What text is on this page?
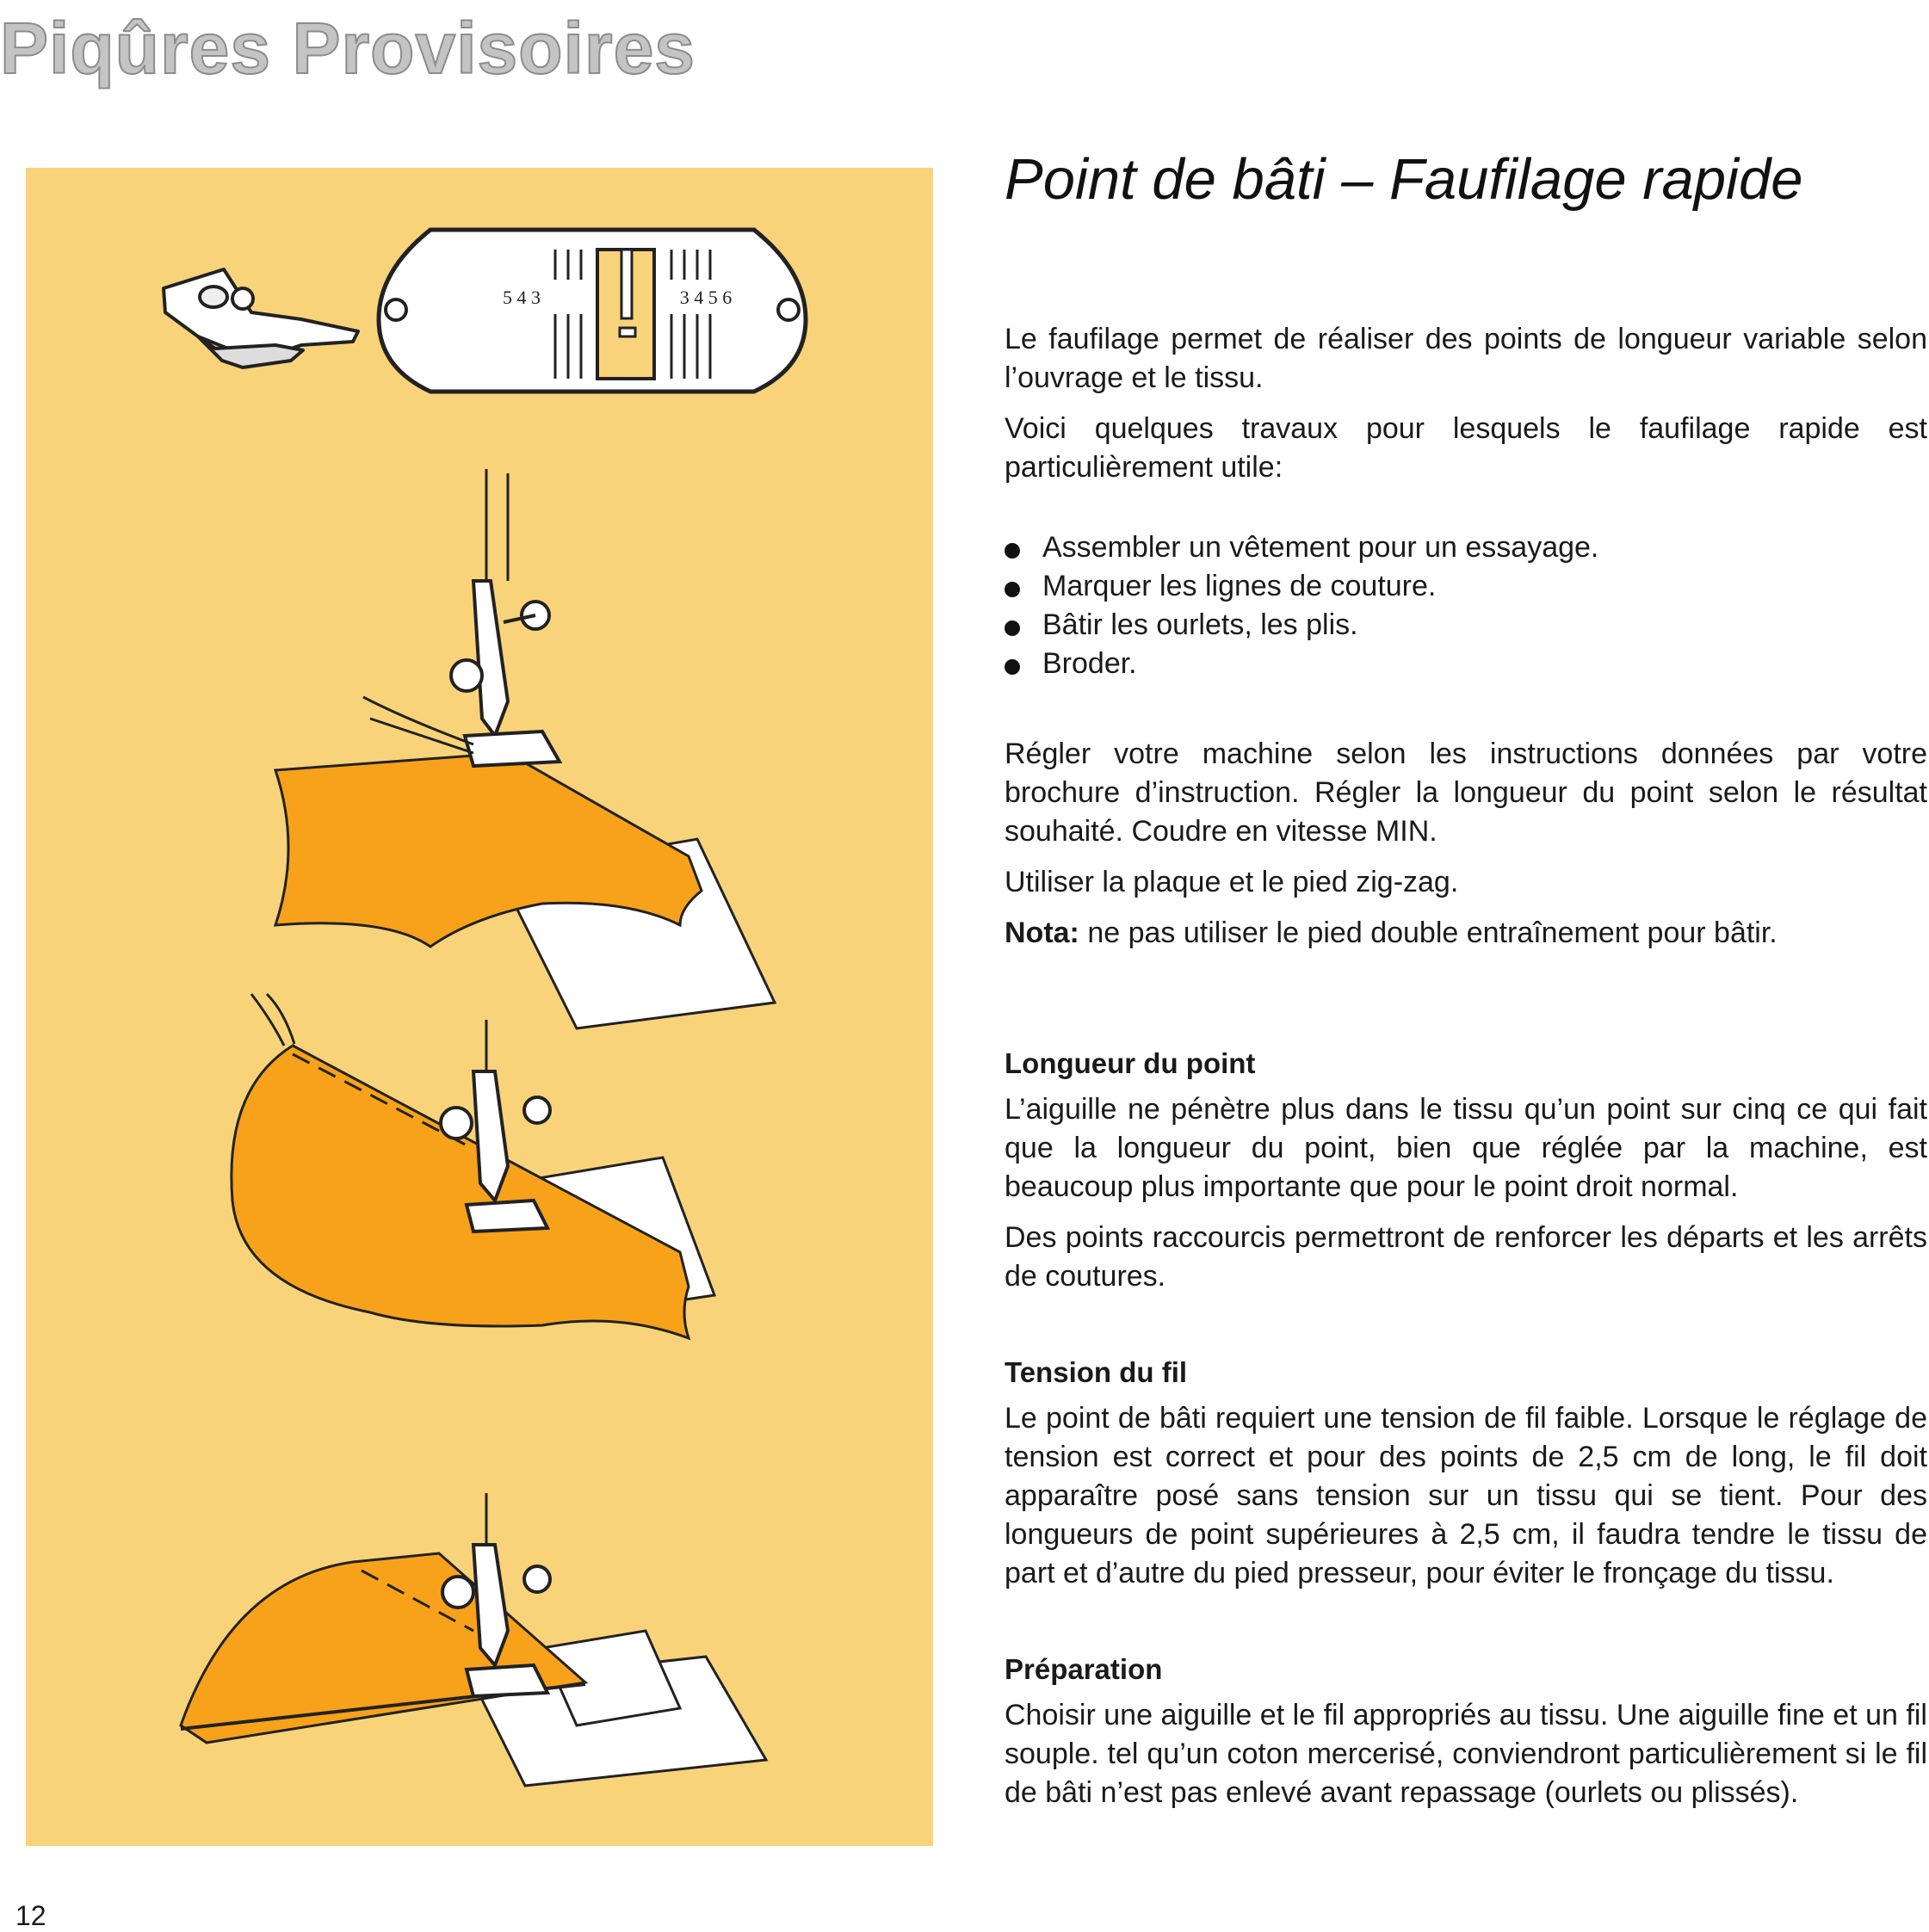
Piqûres Provisoires
5 4 3	3 4 5 6
Point de bâti – Faufilage rapide

Le faufilage permet de réaliser des points de longueur variable selon l’ouvrage et le tissu.

Voici quelques travaux pour lesquels le faufilage rapide est particulièrement utile:

Assembler un vêtement pour un essayage.
Marquer les lignes de couture.
Bâtir les ourlets, les plis.
Broder.

Régler votre machine selon les instructions données par votre brochure d’instruction. Régler la longueur du point selon le résultat souhaité. Coudre en vitesse MIN.

Utiliser la plaque et le pied zig-zag.

Nota: ne pas utiliser le pied double entraînement pour bâtir.

Longueur du point

L’aiguille ne pénètre plus dans le tissu qu’un point sur cinq ce qui fait que la longueur du point, bien que réglée par la machine, est beaucoup plus importante que pour le point droit normal.

Des points raccourcis permettront de renforcer les départs et les arrêts de coutures.

Tension du fil

Le point de bâti requiert une tension de fil faible. Lorsque le réglage de tension est correct et pour des points de 2,5 cm de long, le fil doit apparaître posé sans tension sur un tissu qui se tient. Pour des longueurs de point supérieures à 2,5 cm, il faudra tendre le tissu de part et d’autre du pied presseur, pour éviter le fronçage du tissu.

Préparation

Choisir une aiguille et le fil appropriés au tissu. Une aiguille fine et un fil souple. tel qu’un coton mercerisé, conviendront particulièrement si le fil de bâti n’est pas enlevé avant repassage (ourlets ou plissés).

12
